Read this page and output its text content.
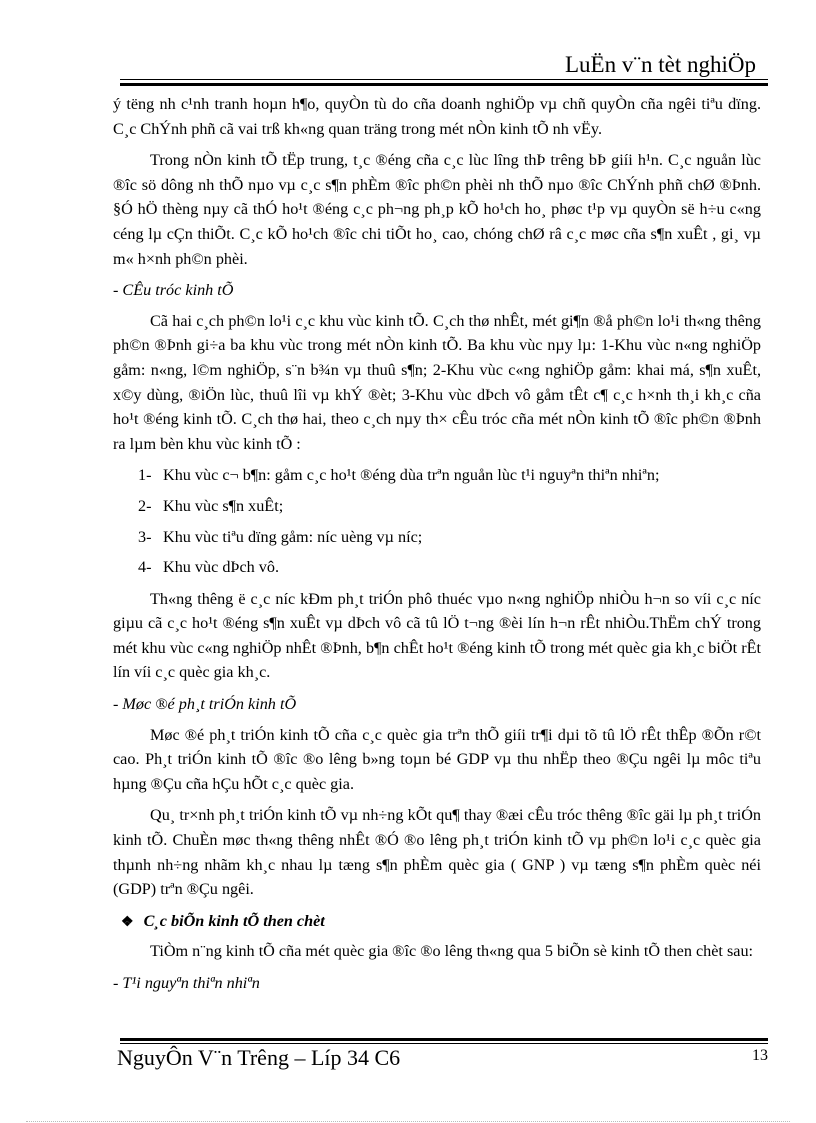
LuËn v¨n tèt nghiÖp

ý tëng nh c¹nh tranh hoµn h¶o, quyÒn tù do cña doanh nghiÖp vµ chñ quyÒn cña ngêi tiªu dïng. C¸c ChÝnh phñ cã vai trß kh«ng quan träng trong mét nÒn kinh tÕ nh vËy.

Trong nÒn kinh tÕ tËp trung, t¸c ®éng cña c¸c lùc lîng thÞ trêng bÞ giíi h¹n. C¸c nguån lùc ®îc sö dông nh thÕ nµo vµ c¸c s¶n phÈm ®îc ph©n phèi nh thÕ nµo ®îc ChÝnh phñ chØ ®Þnh. §Ó hÖ thèng nµy cã thÓ ho¹t ®éng c¸c ph¬ng ph¸p kÕ ho¹ch ho¸ phøc t¹p vµ quyÒn së h÷u c«ng céng lµ cÇn thiÕt. C¸c kÕ ho¹ch ®îc chi tiÕt ho¸ cao, chóng chØ râ c¸c møc cña s¶n xuÊt , gi¸ vµ m« h×nh ph©n phèi.

- CÊu tróc kinh tÕ

Cã hai c¸ch ph©n lo¹i c¸c khu vùc kinh tÕ. C¸ch thø nhÊt, mét gi¶n ®å ph©n lo¹i th«ng thêng ph©n ®Þnh gi÷a ba khu vùc trong mét nÒn kinh tÕ. Ba khu vùc nµy lµ: 1-Khu vùc n«ng nghiÖp gåm: n«ng, l©m nghiÖp, s¨n b¾n vµ thuû s¶n; 2-Khu vùc c«ng nghiÖp gåm: khai má, s¶n xuÊt, x©y dùng, ®iÖn lùc, thuû lîi vµ khÝ ®èt; 3-Khu vùc dÞch vô gåm tÊt c¶ c¸c h×nh th¸i kh¸c cña ho¹t ®éng kinh tÕ. C¸ch thø hai, theo c¸ch nµy th× cÊu tróc cña mét nÒn kinh tÕ ®îc ph©n ®Þnh ra lµm bèn khu vùc kinh tÕ :

1- Khu vùc c¬ b¶n: gåm c¸c ho¹t ®éng dùa trªn nguån lùc t¹i nguyªn thiªn nhiªn;
2- Khu vùc s¶n xuÊt;
3- Khu vùc tiªu dïng gåm: níc uèng vµ níc;
4- Khu vùc dÞch vô.

Th«ng thêng ë c¸c níc kÐm ph¸t triÓn phô thuéc vµo n«ng nghiÖp nhiÒu h¬n so víi c¸c níc giµu cã c¸c ho¹t ®éng s¶n xuÊt vµ dÞch vô cã tû lÖ t¬ng ®èi lín h¬n rÊt nhiÒu.ThËm chÝ trong mét khu vùc c«ng nghiÖp nhÊt ®Þnh, b¶n chÊt ho¹t ®éng kinh tÕ trong mét quèc gia kh¸c biÖt rÊt lín víi c¸c quèc gia kh¸c.

- Møc ®é ph¸t triÓn kinh tÕ

Møc ®é ph¸t triÓn kinh tÕ cña c¸c quèc gia trªn thÕ giíi tr¶i dµi tõ tû lÖ rÊt thÊp ®Õn r©t cao. Ph¸t triÓn kinh tÕ ®îc ®o lêng b»ng toµn bé GDP vµ thu nhËp theo ®Çu ngêi lµ môc tiªu hµng ®Çu cña hÇu hÕt c¸c quèc gia.

Qu¸ tr×nh ph¸t triÓn kinh tÕ vµ nh÷ng kÕt qu¶ thay ®æi cÊu tróc thêng ®îc gäi lµ ph¸t triÓn kinh tÕ. ChuÈn møc th«ng thêng nhÊt ®Ó ®o lêng ph¸t triÓn kinh tÕ vµ ph©n lo¹i c¸c quèc gia thµnh nh÷ng nhãm kh¸c nhau lµ tæng s¶n phÈm quèc gia ( GNP ) vµ tæng s¶n phÈm quèc néi (GDP) trªn ®Çu ngêi.

❖ C¸c biÕn kinh tÕ then chèt

TiÒm n¨ng kinh tÕ cña mét quèc gia ®îc ®o lêng th«ng qua 5 biÕn sè kinh tÕ then chèt sau:

- T¹i nguyªn thiªn nhiªn

NguyÔn V¨n Trêng – Líp 34 C6	13
